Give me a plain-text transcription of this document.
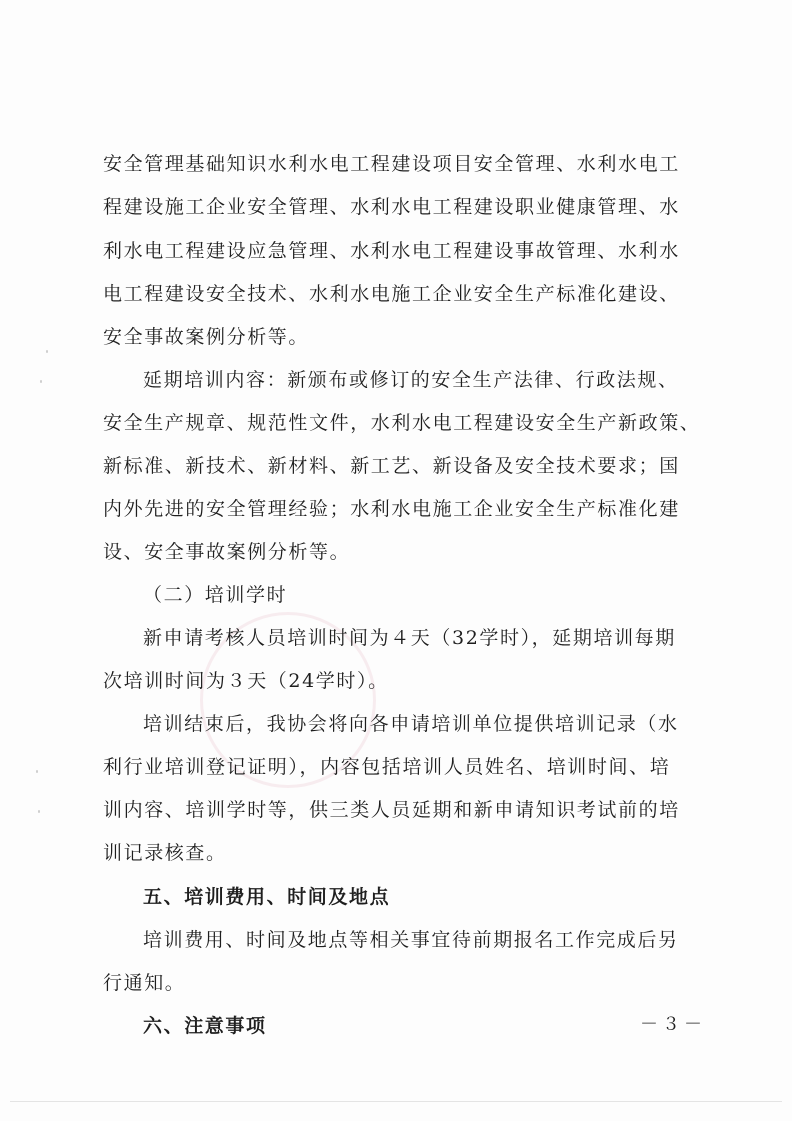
安全管理基础知识水利水电工程建设项目安全管理、水利水电工
程建设施工企业安全管理、水利水电工程建设职业健康管理、水
利水电工程建设应急管理、水利水电工程建设事故管理、水利水
电工程建设安全技术、水利水电施工企业安全生产标准化建设、
安全事故案例分析等。
延期培训内容：新颁布或修订的安全生产法律、行政法规、
安全生产规章、规范性文件，水利水电工程建设安全生产新政策、
新标准、新技术、新材料、新工艺、新设备及安全技术要求；国
内外先进的安全管理经验；水利水电施工企业安全生产标准化建
设、安全事故案例分析等。
（二）培训学时
新申请考核人员培训时间为４天（32学时），延期培训每期
次培训时间为３天（24学时）。
培训结束后，我协会将向各申请培训单位提供培训记录（水
利行业培训登记证明），内容包括培训人员姓名、培训时间、培
训内容、培训学时等，供三类人员延期和新申请知识考试前的培
训记录核查。
五、培训费用、时间及地点
培训费用、时间及地点等相关事宜待前期报名工作完成后另
行通知。
六、注意事项	－３－
